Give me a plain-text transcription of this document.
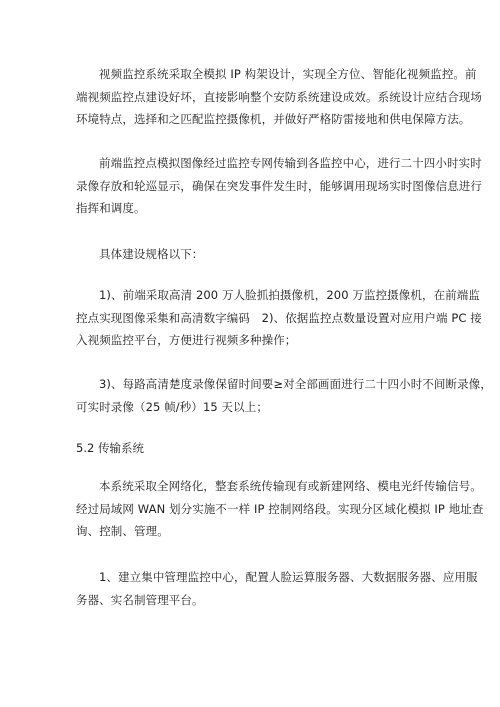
视频监控系统采取全模拟 IP 构架设计，实现全方位、智能化视频监控。前
端视频监控点建设好坏，直接影响整个安防系统建设成效。系统设计应结合现场
环境特点，选择和之匹配监控摄像机，并做好严格防雷接地和供电保障方法。

前端监控点模拟图像经过监控专网传输到各监控中心，进行二十四小时实时
录像存放和轮巡显示，确保在突发事件发生时，能够调用现场实时图像信息进行
指挥和调度。

具体建设规格以下：

1)、前端采取高清 200 万人脸抓拍摄像机，200 万监控摄像机，在前端监
控点实现图像采集和高清数字编码　2)、依据监控点数量设置对应用户端 PC 接
入视频监控平台，方便进行视频多种操作；

3)、每路高清楚度录像保留时间要≥对全部画面进行二十四小时不间断录像，
可实时录像（25 帧/秒）15 天以上；

5.2 传输系统

本系统采取全网络化，整套系统传输现有或新建网络、模电光纤传输信号。
经过局域网 WAN 划分实施不一样 IP 控制网络段。实现分区域化模拟 IP 地址查
询、控制、管理。

1、建立集中管理监控中心，配置人脸运算服务器、大数据服务器、应用服
务器、实名制管理平台。
